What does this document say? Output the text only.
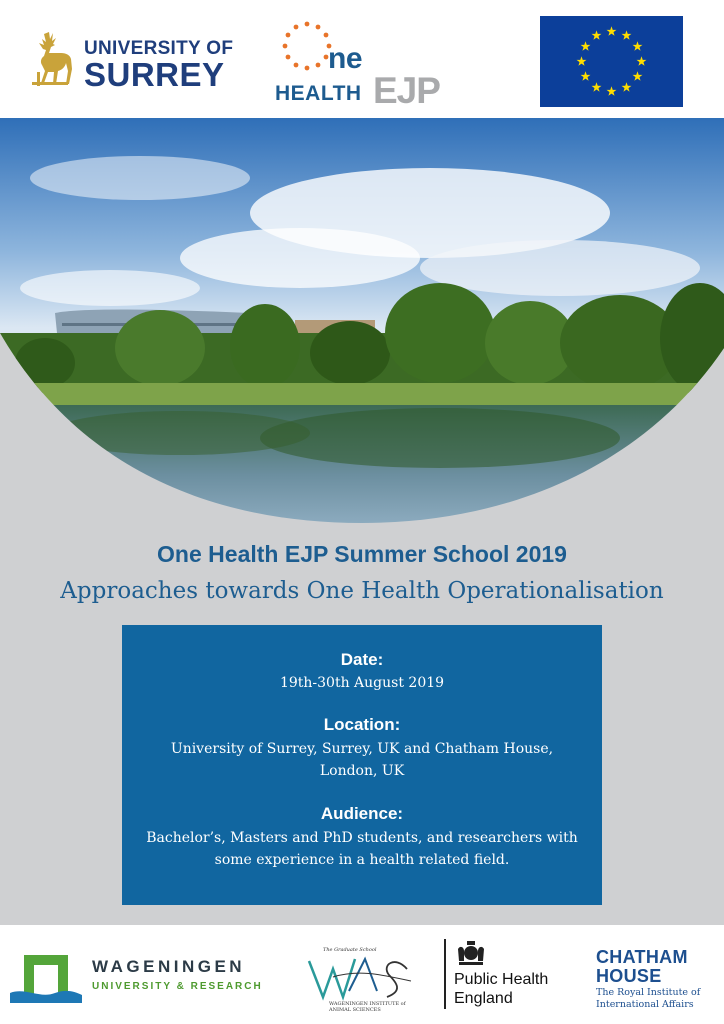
UNIVERSITY OF
SURREY	ne
HEALTH EJP
One Health EJP Summer School 2019
Approaches towards One Health Operationalisation

Date:

19th-30th August 2019

Location:

University of Surrey, Surrey, UK and Chatham House, London, UK

Audience:

Bachelor’s, Masters and PhD students, and researchers with some experience in a health related field.

WAGENINGEN
UNIVERSITY & RESEARCH
The Graduate School
WAGENINGEN INSTITUTE of
ANIMAL SCIENCES
Public Health
England
CHATHAM
HOUSE
The Royal Institute of
International Affairs
